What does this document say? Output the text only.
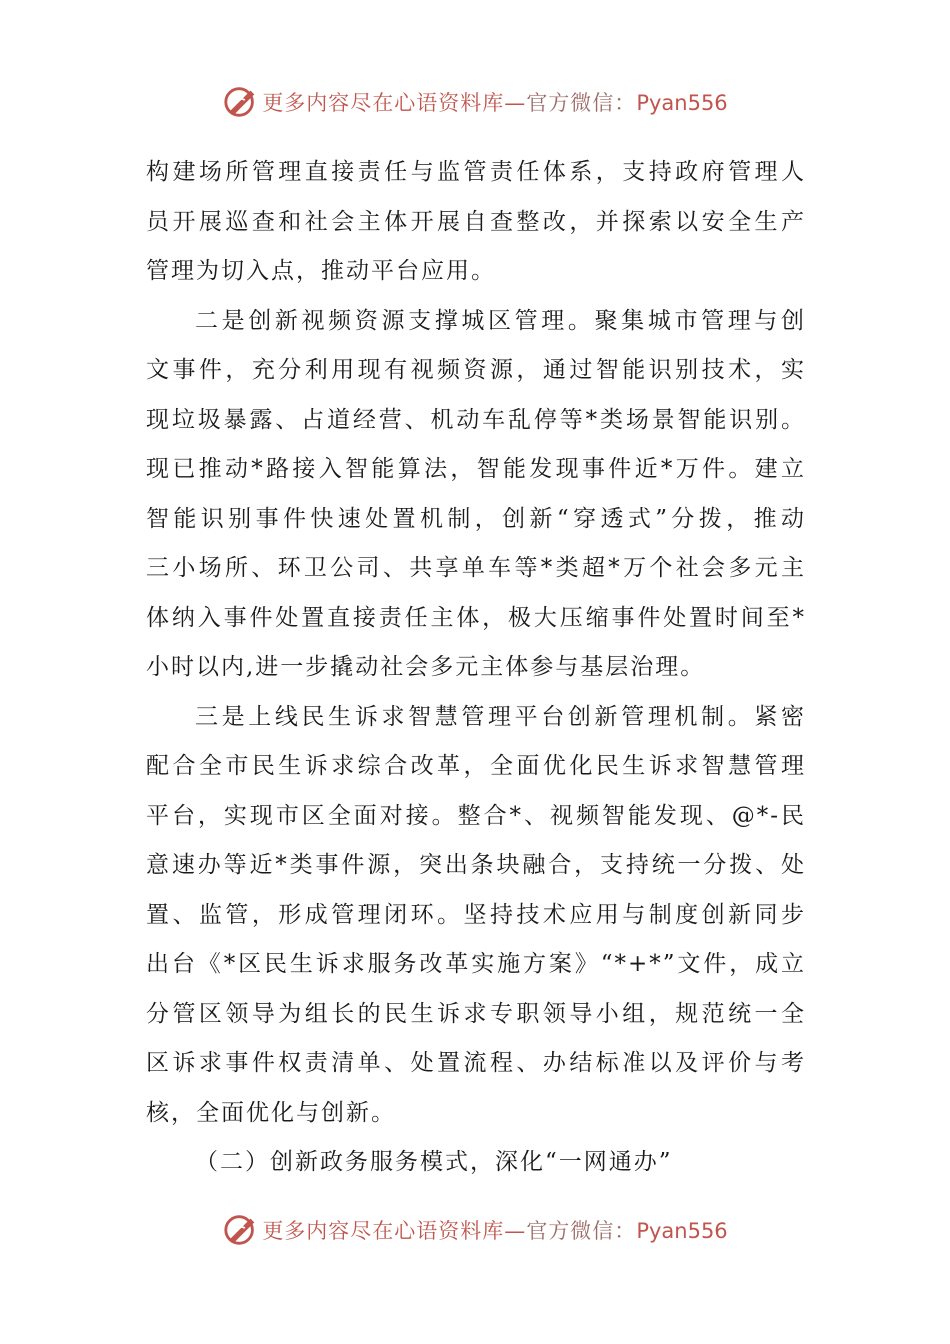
更多内容尽在心语资料库—官方微信：Pyan556
构建场所管理直接责任与监管责任体系，支持政府管理人
员开展巡查和社会主体开展自查整改，并探索以安全生产
管理为切入点，推动平台应用。
二是创新视频资源支撑城区管理。聚集城市管理与创
文事件，充分利用现有视频资源，通过智能识别技术，实
现垃圾暴露、占道经营、机动车乱停等*类场景智能识别。
现已推动*路接入智能算法，智能发现事件近*万件。建立
智能识别事件快速处置机制，创新“穿透式”分拨，推动
三小场所、环卫公司、共享单车等*类超*万个社会多元主
体纳入事件处置直接责任主体，极大压缩事件处置时间至*
小时以内,进一步撬动社会多元主体参与基层治理。
三是上线民生诉求智慧管理平台创新管理机制。紧密
配合全市民生诉求综合改革，全面优化民生诉求智慧管理
平台，实现市区全面对接。整合*、视频智能发现、@*-民
意速办等近*类事件源，突出条块融合，支持统一分拨、处
置、监管，形成管理闭环。坚持技术应用与制度创新同步
出台《*区民生诉求服务改革实施方案》“*+*”文件，成立
分管区领导为组长的民生诉求专职领导小组，规范统一全
区诉求事件权责清单、处置流程、办结标准以及评价与考
核，全面优化与创新。
（二）创新政务服务模式，深化“一网通办”
更多内容尽在心语资料库—官方微信：Pyan556
